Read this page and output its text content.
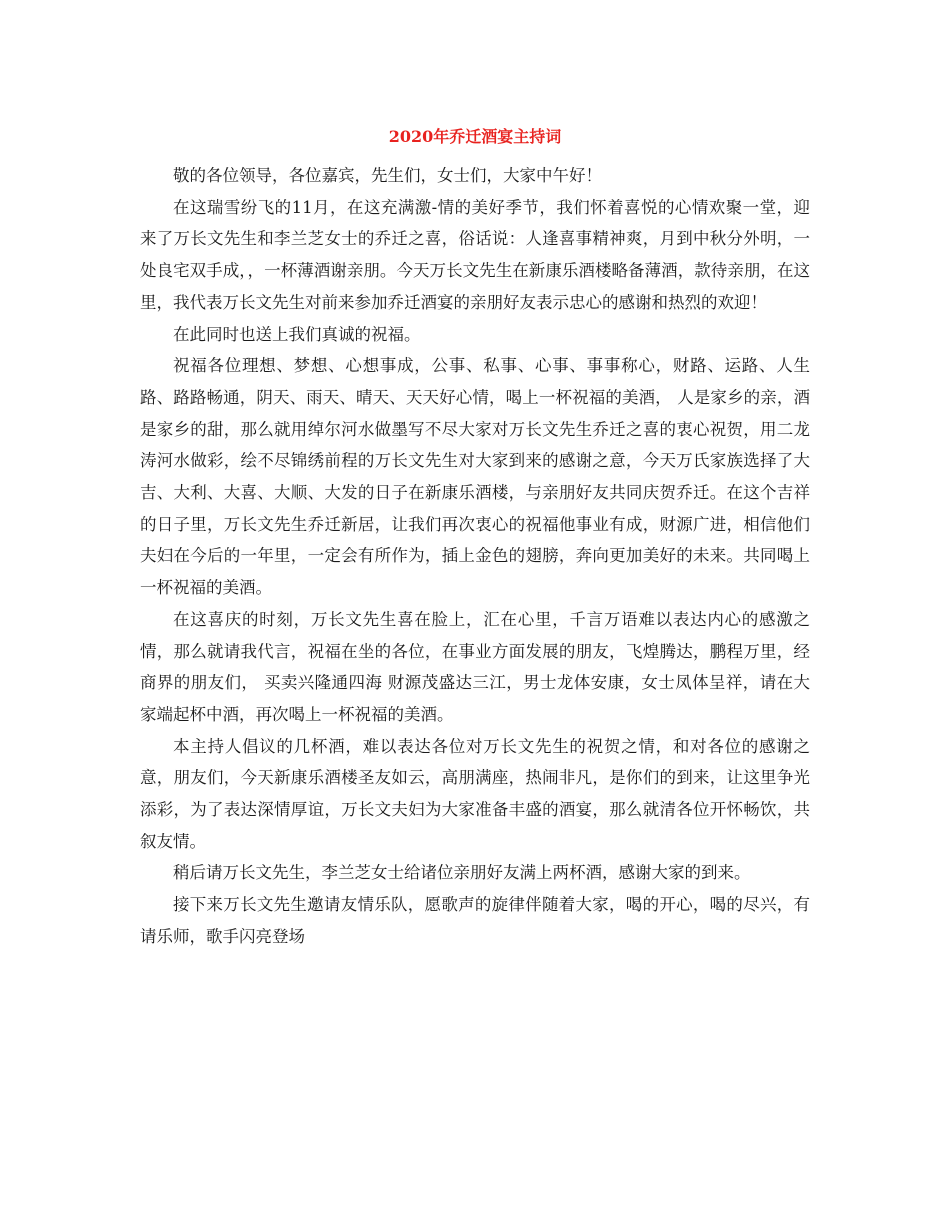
2020年乔迁酒宴主持词

敬的各位领导，各位嘉宾，先生们，女士们，大家中午好！

在这瑞雪纷飞的11月，在这充满激-情的美好季节，我们怀着喜悦的心情欢聚一堂，迎来了万长文先生和李兰芝女士的乔迁之喜，俗话说：人逢喜事精神爽，月到中秋分外明，一处良宅双手成，，一杯薄酒谢亲朋。今天万长文先生在新康乐酒楼略备薄酒，款待亲朋，在这里，我代表万长文先生对前来参加乔迁酒宴的亲朋好友表示忠心的感谢和热烈的欢迎！

在此同时也送上我们真诚的祝福。

祝福各位理想、梦想、心想事成，公事、私事、心事、事事称心，财路、运路、人生路、路路畅通，阴天、雨天、晴天、天天好心情，喝上一杯祝福的美酒， 人是家乡的亲，酒是家乡的甜，那么就用绰尔河水做墨写不尽大家对万长文先生乔迁之喜的衷心祝贺，用二龙涛河水做彩，绘不尽锦绣前程的万长文先生对大家到来的感谢之意，今天万氏家族选择了大吉、大利、大喜、大顺、大发的日子在新康乐酒楼，与亲朋好友共同庆贺乔迁。在这个吉祥的日子里，万长文先生乔迁新居，让我们再次衷心的祝福他事业有成，财源广进，相信他们夫妇在今后的一年里，一定会有所作为，插上金色的翅膀，奔向更加美好的未来。共同喝上一杯祝福的美酒。

在这喜庆的时刻，万长文先生喜在脸上，汇在心里，千言万语难以表达内心的感激之情，那么就请我代言，祝福在坐的各位，在事业方面发展的朋友，飞煌腾达，鹏程万里，经商界的朋友们， 买卖兴隆通四海 财源茂盛达三江，男士龙体安康，女士凤体呈祥，请在大家端起杯中酒，再次喝上一杯祝福的美酒。

本主持人倡议的几杯酒，难以表达各位对万长文先生的祝贺之情，和对各位的感谢之意，朋友们，今天新康乐酒楼圣友如云，高朋满座，热闹非凡，是你们的到来，让这里争光添彩，为了表达深情厚谊，万长文夫妇为大家准备丰盛的酒宴，那么就清各位开怀畅饮，共叙友情。

稍后请万长文先生，李兰芝女士给诸位亲朋好友满上两杯酒，感谢大家的到来。

接下来万长文先生邀请友情乐队，愿歌声的旋律伴随着大家，喝的开心，喝的尽兴，有请乐师，歌手闪亮登场
